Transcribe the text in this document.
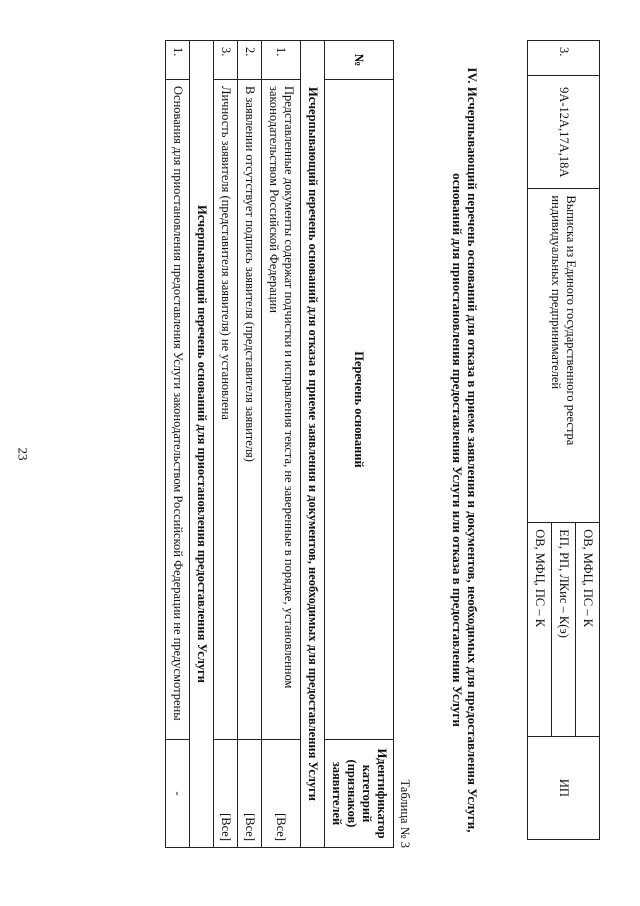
23
3.	9А-12А,17А,18А	Выписка из Единого государственного реестра индивидуальных предпринимателей	ОВ, МФЦ, ПС – К	ИП
ЕП, РП, ЛКис – К(э)
ОВ, МФЦ, ПС – К
IV. Исчерпывающий перечень оснований для отказа в приеме заявления и документов, необходимых для предоставления Услуги, оснований для приостановления предоставления Услуги или отказа в предоставлении Услуги
Таблица № 3
№	Перечень оснований	Идентификатор категорий (признаков) заявителей
Исчерпывающий перечень оснований для отказа в приеме заявления и документов, необходимых для предоставления Услуги		
1.	Представленные документы содержат подчистки и исправления текста, не заверенные в порядке, установленном законодательством Российской Федерации	[Все]
2.	В заявлении отсутствует подпись заявителя (представителя заявителя)	[Все]
3.	Личность заявителя (представителя заявителя) не установлена	[Все]
Исчерпывающий перечень оснований для приостановления предоставления Услуги		
1.	Основания для приостановления предоставления Услуги законодательством Российской Федерации не предусмотрены	-
